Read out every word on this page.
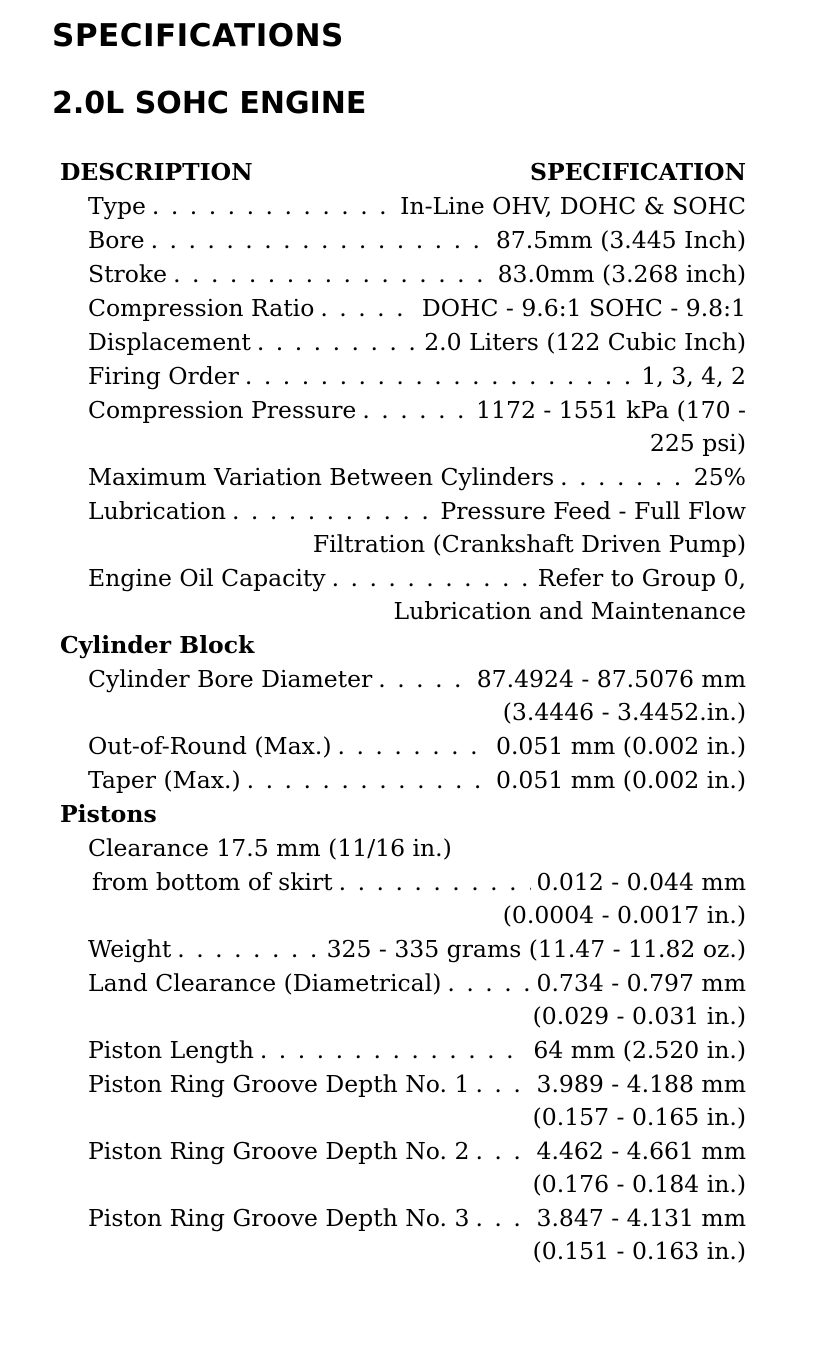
SPECIFICATIONS
2.0L SOHC ENGINE
DESCRIPTION	SPECIFICATION
Type . . .	In-Line OHV, DOHC & SOHC
Bore . . .	87.5mm (3.445 Inch)
Stroke . . .	83.0mm (3.268 inch)
Compression Ratio . . .	DOHC - 9.6:1 SOHC - 9.8:1
Displacement . . .	2.0 Liters (122 Cubic Inch)
Firing Order . . .	1, 3, 4, 2
Compression Pressure . . .	1172 - 1551 kPa (170 -
225 psi)
Maximum Variation Between Cylinders . . .	25%
Lubrication . . .	Pressure Feed - Full Flow
Filtration (Crankshaft Driven Pump)
Engine Oil Capacity . . .	Refer to Group 0,
Lubrication and Maintenance
Cylinder Block
Cylinder Bore Diameter . . .	87.4924 - 87.5076 mm
(3.4446 - 3.4452.in.)
Out-of-Round (Max.) . . .	0.051 mm (0.002 in.)
Taper (Max.) . . .	0.051 mm (0.002 in.)
Pistons
Clearance 17.5 mm (11/16 in.)
from bottom of skirt . . .	0.012 - 0.044 mm
(0.0004 - 0.0017 in.)
Weight . . .	325 - 335 grams (11.47 - 11.82 oz.)
Land Clearance (Diametrical) . . .	0.734 - 0.797 mm
(0.029 - 0.031 in.)
Piston Length . . .	64 mm (2.520 in.)
Piston Ring Groove Depth No. 1 . . .	3.989 - 4.188 mm
(0.157 - 0.165 in.)
Piston Ring Groove Depth No. 2 . . .	4.462 - 4.661 mm
(0.176 - 0.184 in.)
Piston Ring Groove Depth No. 3 . . .	3.847 - 4.131 mm
(0.151 - 0.163 in.)
